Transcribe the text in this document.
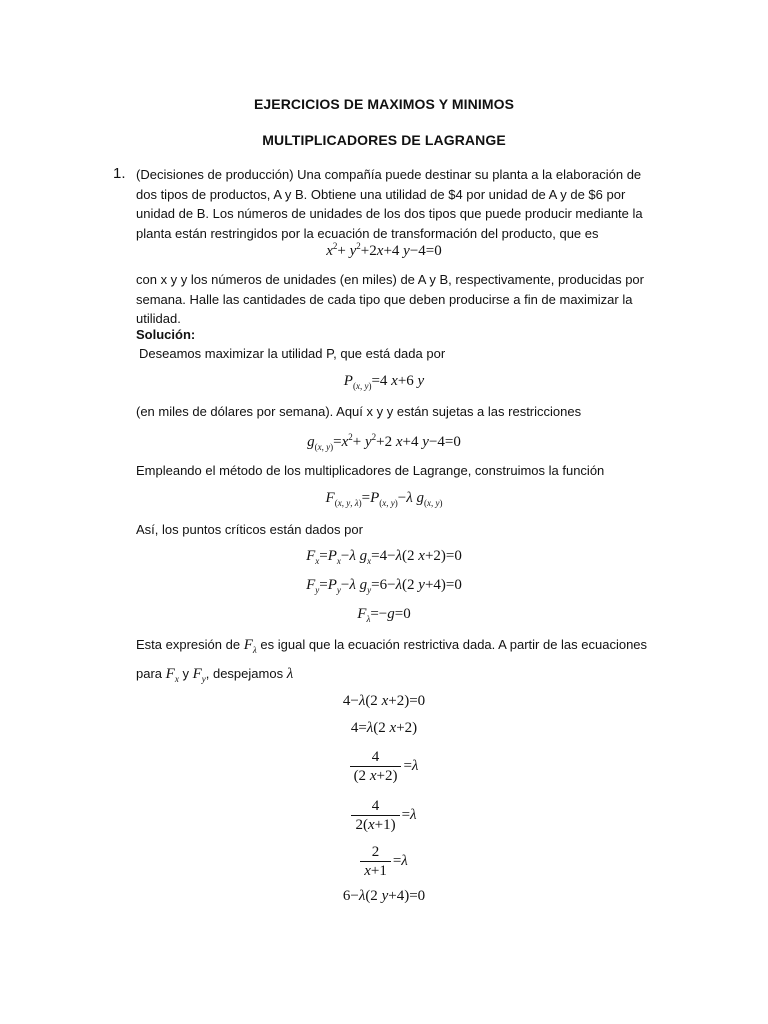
EJERCICIOS DE MAXIMOS Y MINIMOS
MULTIPLICADORES DE LAGRANGE
1. (Decisiones de producción) Una compañía puede destinar su planta a la elaboración de dos tipos de productos, A y B. Obtiene una utilidad de $4 por unidad de A y de $6 por unidad de B. Los números de unidades de los dos tipos que puede producir mediante la planta están restringidos por la ecuación de transformación del producto, que es
$x^2+ y^2+2x+4$ y−4=0
con x y y los números de unidades (en miles) de A y B, respectivamente, producidas por semana. Halle las cantidades de cada tipo que deben producirse a fin de maximizar la utilidad.
Solución:
Deseamos maximizar la utilidad P, que está dada por
$P_{(x, y)}=4$ x+6 y
(en miles de dólares por semana). Aquí x y y están sujetas a las restricciones
$g_{(x, y)}=x^2+ y^2+2$ x+4 y−4=0
Empleando el método de los multiplicadores de Lagrange, construimos la función
$F_{(x, y, \lambda)}=P_{(x, y)}-\lambda$ $g_{(x, y)}$
Así, los puntos críticos están dados por
$F_x=P_x-\lambda$ $g_x=4-\lambda(2$ x+2)=0
$F_y=P_y-\lambda$ $g_y=6-\lambda(2$ y+4)=0
$F_\lambda=-g=0$
Esta expresión de $F_\lambda$ es igual que la ecuación restrictiva dada. A partir de las ecuaciones
para $F_x$ y $F_y$, despejamos λ
4−λ(2 x+2)=0
4=λ(2 x+2)
$\frac{4}{(2 x+2)} =\lambda$
$\frac{4}{2(x+1)} =\lambda$
$\frac{2}{x+1} =\lambda$
6−λ(2 y+4)=0
